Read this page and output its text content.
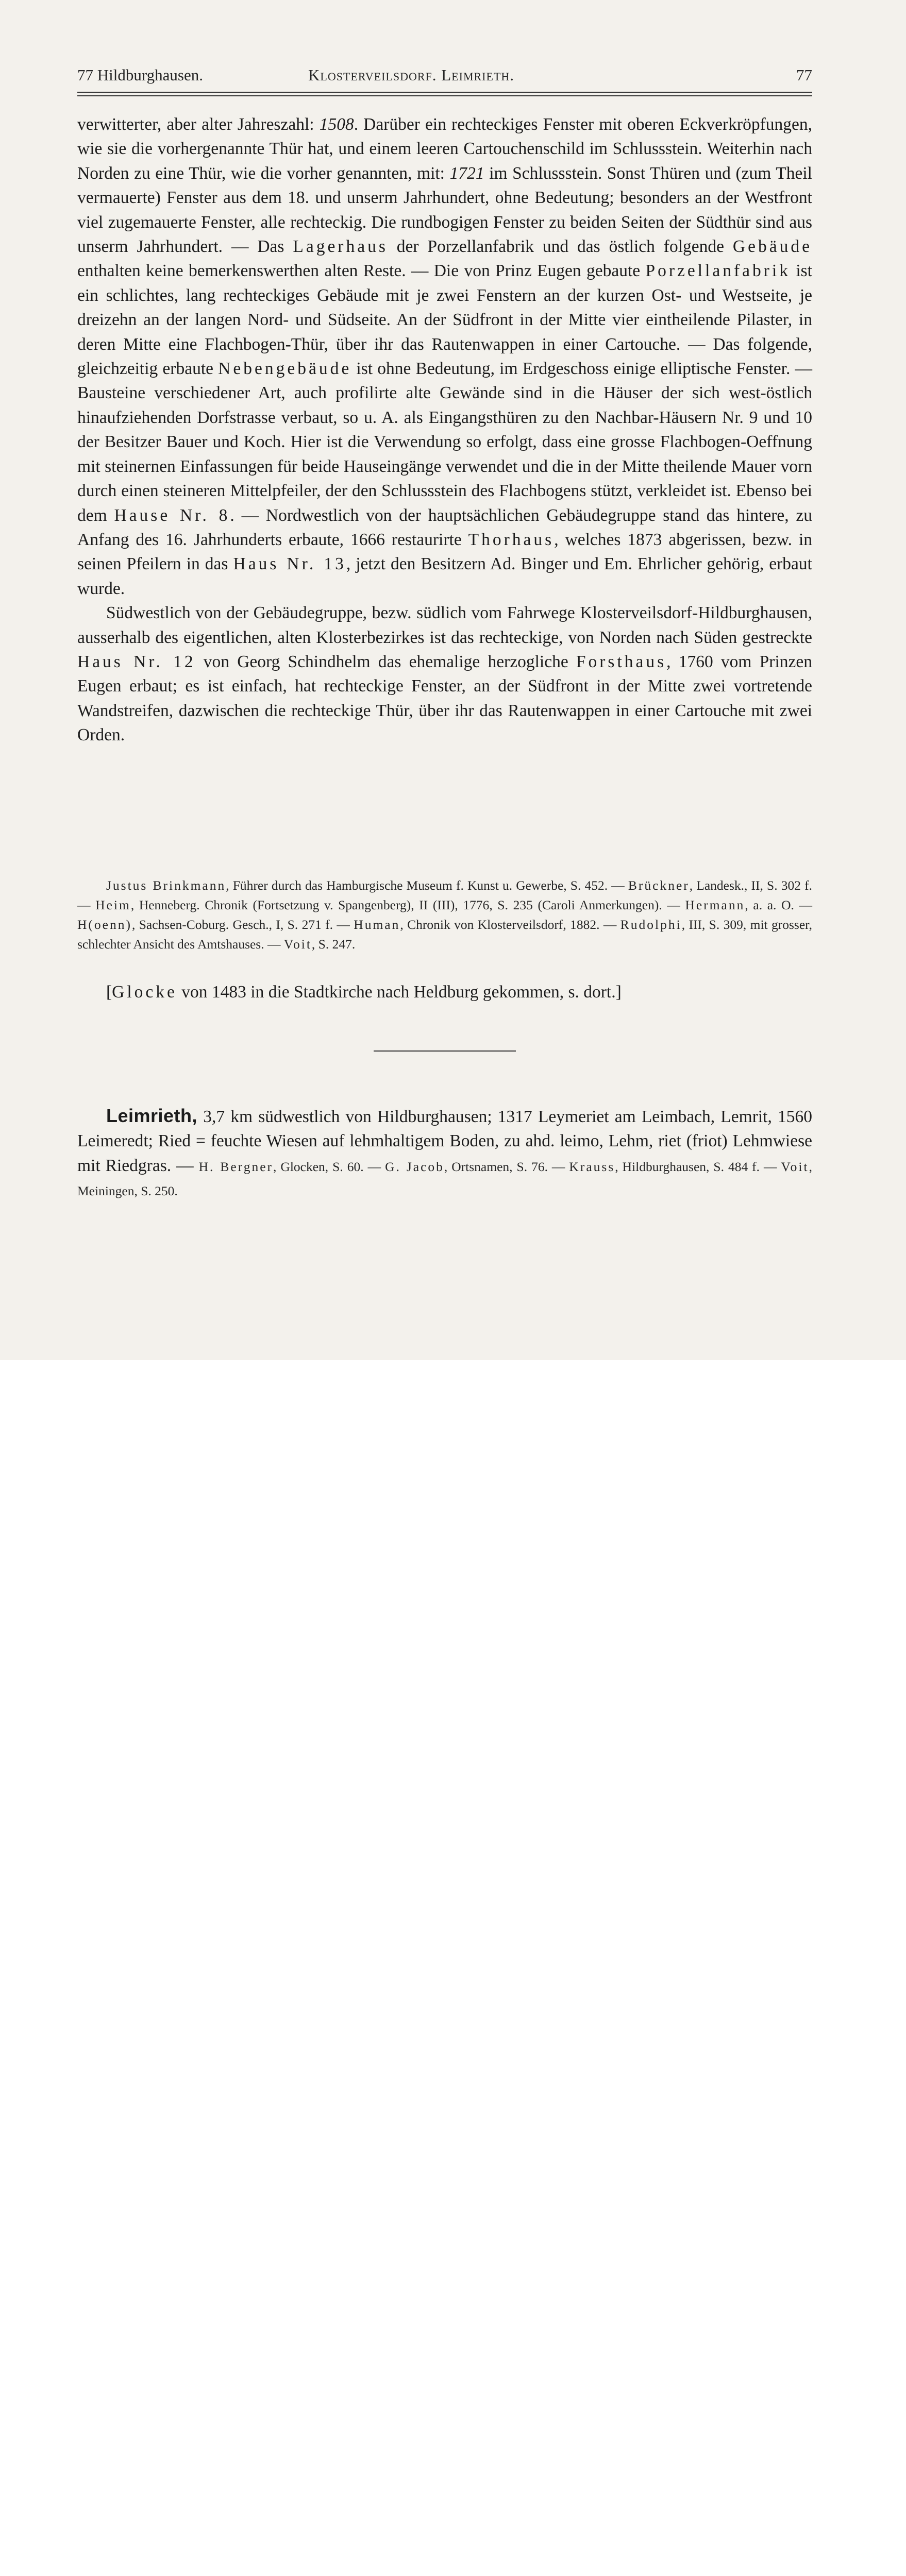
77 Hildburghausen.	Klosterveilsdorf. Leimrieth.	77

verwitterter, aber alter Jahreszahl: 1508. Darüber ein rechteckiges Fenster mit oberen Eckverkröpfungen, wie sie die vorhergenannte Thür hat, und einem leeren Cartouchenschild im Schlussstein. Weiterhin nach Norden zu eine Thür, wie die vorher genannten, mit: 1721 im Schlussstein. Sonst Thüren und (zum Theil vermauerte) Fenster aus dem 18. und unserm Jahrhundert, ohne Bedeutung; besonders an der Westfront viel zugemauerte Fenster, alle rechteckig. Die rundbogigen Fenster zu beiden Seiten der Südthür sind aus unserm Jahrhundert. — Das Lagerhaus der Porzellanfabrik und das östlich folgende Gebäude enthalten keine bemerkenswerthen alten Reste. — Die von Prinz Eugen gebaute Porzellanfabrik ist ein schlichtes, lang rechteckiges Gebäude mit je zwei Fenstern an der kurzen Ost- und Westseite, je dreizehn an der langen Nord- und Südseite. An der Südfront in der Mitte vier eintheilende Pilaster, in deren Mitte eine Flachbogen-Thür, über ihr das Rautenwappen in einer Cartouche. — Das folgende, gleichzeitig erbaute Nebengebäude ist ohne Bedeutung, im Erdgeschoss einige elliptische Fenster. — Bausteine verschiedener Art, auch profilirte alte Gewände sind in die Häuser der sich west-östlich hinaufziehenden Dorfstrasse verbaut, so u. A. als Eingangsthüren zu den Nachbar-Häusern Nr. 9 und 10 der Besitzer Bauer und Koch. Hier ist die Verwendung so erfolgt, dass eine grosse Flachbogen-Oeffnung mit steinernen Einfassungen für beide Hauseingänge verwendet und die in der Mitte theilende Mauer vorn durch einen steineren Mittelpfeiler, der den Schlussstein des Flachbogens stützt, verkleidet ist. Ebenso bei dem Hause Nr. 8. — Nordwestlich von der hauptsächlichen Gebäudegruppe stand das hintere, zu Anfang des 16. Jahrhunderts erbaute, 1666 restaurirte Thorhaus, welches 1873 abgerissen, bezw. in seinen Pfeilern in das Haus Nr. 13, jetzt den Besitzern Ad. Binger und Em. Ehrlicher gehörig, erbaut wurde.

Südwestlich von der Gebäudegruppe, bezw. südlich vom Fahrwege Klosterveilsdorf-Hildburghausen, ausserhalb des eigentlichen, alten Klosterbezirkes ist das rechteckige, von Norden nach Süden gestreckte Haus Nr. 12 von Georg Schindhelm das ehemalige herzogliche Forsthaus, 1760 vom Prinzen Eugen erbaut; es ist einfach, hat rechteckige Fenster, an der Südfront in der Mitte zwei vortretende Wandstreifen, dazwischen die rechteckige Thür, über ihr das Rautenwappen in einer Cartouche mit zwei Orden.

Justus Brinkmann, Führer durch das Hamburgische Museum f. Kunst u. Gewerbe, S. 452. — Brückner, Landesk., II, S. 302 f. — Heim, Henneberg. Chronik (Fortsetzung v. Spangenberg), II (III), 1776, S. 235 (Caroli Anmerkungen). — Hermann, a. a. O. — H(oenn), Sachsen-Coburg. Gesch., I, S. 271 f. — Human, Chronik von Klosterveilsdorf, 1882. — Rudolphi, III, S. 309, mit grosser, schlechter Ansicht des Amtshauses. — Voit, S. 247.

[Glocke von 1483 in die Stadtkirche nach Heldburg gekommen, s. dort.]

Leimrieth, 3,7 km südwestlich von Hildburghausen; 1317 Leymeriet am Leimbach, Lemrit, 1560 Leimeredt; Ried = feuchte Wiesen auf lehmhaltigem Boden, zu ahd. leimo, Lehm, riet (friot) Lehmwiese mit Riedgras. — H. Bergner, Glocken, S. 60. — G. Jacob, Ortsnamen, S. 76. — Krauss, Hildburghausen, S. 484 f. — Voit, Meiningen, S. 250.
